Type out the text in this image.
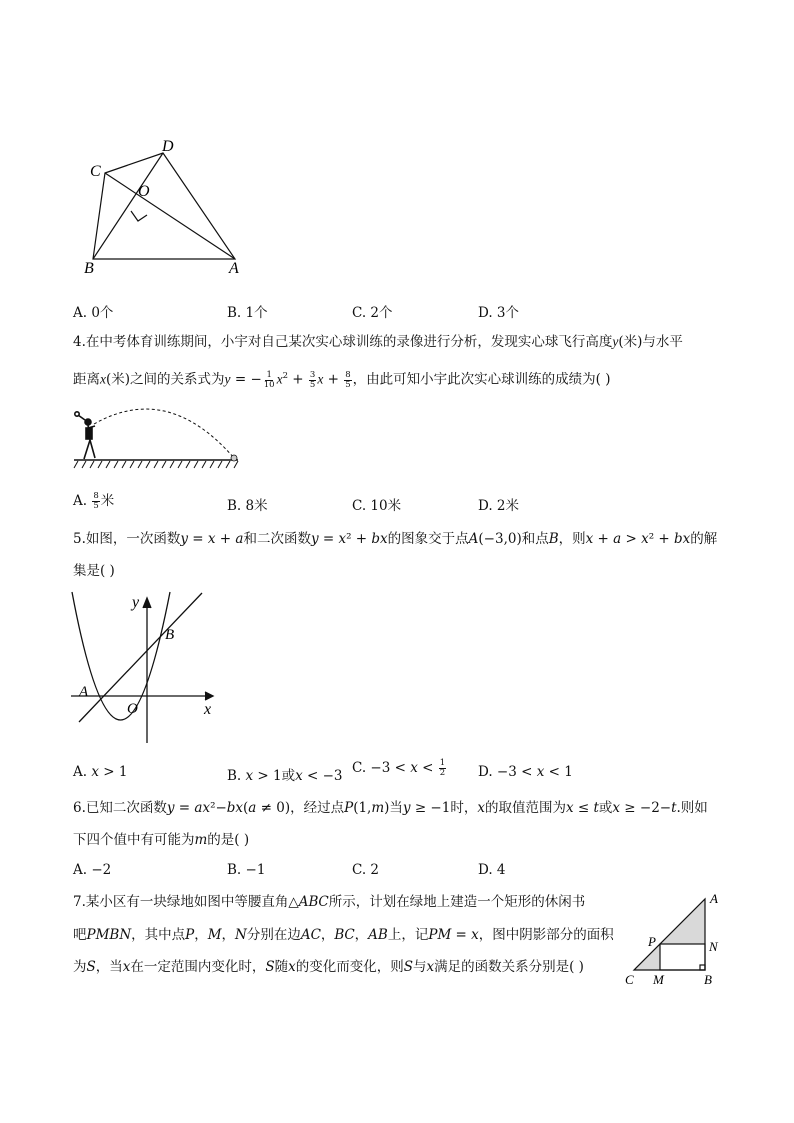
C
D
O
B	A
A. 0个	B. 1个	C. 2个	D. 3个
4.在中考体育训练期间，小宇对自己某次实心球训练的录像进行分析，发现实心球飞行高度y(米)与水平
距离x(米)之间的关系式为y = − $\frac{1}{10} x^2 + \frac{3}{5}$ $x + \frac{8}{5}$ ，由此可知小宇此次实心球训练的成绩为( )
A. $\frac{8}{5}$ 米	B. 8米	C. 10米	D. 2米
5.如图，一次函数𝑦 = 𝑥 + 𝑎和二次函数𝑦 = 𝑥² + 𝑏𝑥的图象交于点𝐴(−3,0)和点𝐵，则𝑥 + 𝑎 > 𝑥² + 𝑏𝑥的解
集是( )
y
B
A
O	x
A. 𝑥 > 1	B. 𝑥 > 1或𝑥 < −3 C. −3 < 𝑥 < $\frac{1}{2} D$. −3 < 𝑥 < 1
6.已知二次函数𝑦 = 𝑎𝑥²−𝑏𝑥(𝑎 ≠ 0)，经过点𝑃(1,𝑚)当𝑦 ≥ −1时，𝑥的取值范围为𝑥 ≤ 𝑡或𝑥 ≥ −2−𝑡.则如
下四个值中有可能为𝑚的是( )
A. −2	B. −1	C. 2	D. 4
7.某小区有一块绿地如图中等腰直角△𝐴𝐵𝐶所示，计划在绿地上建造一个矩形的休闲书
吧𝑃𝑀𝐵𝑁，其中点𝑃，𝑀，𝑁分别在边𝐴𝐶，𝐵𝐶，𝐴𝐵上，记𝑃𝑀 = 𝑥，图中阴影部分的面积
为𝑆，当𝑥在一定范围内变化时，𝑆随𝑥的变化而变化，则𝑆与𝑥满足的函数关系分别是( )
A
P	N
C M	B
